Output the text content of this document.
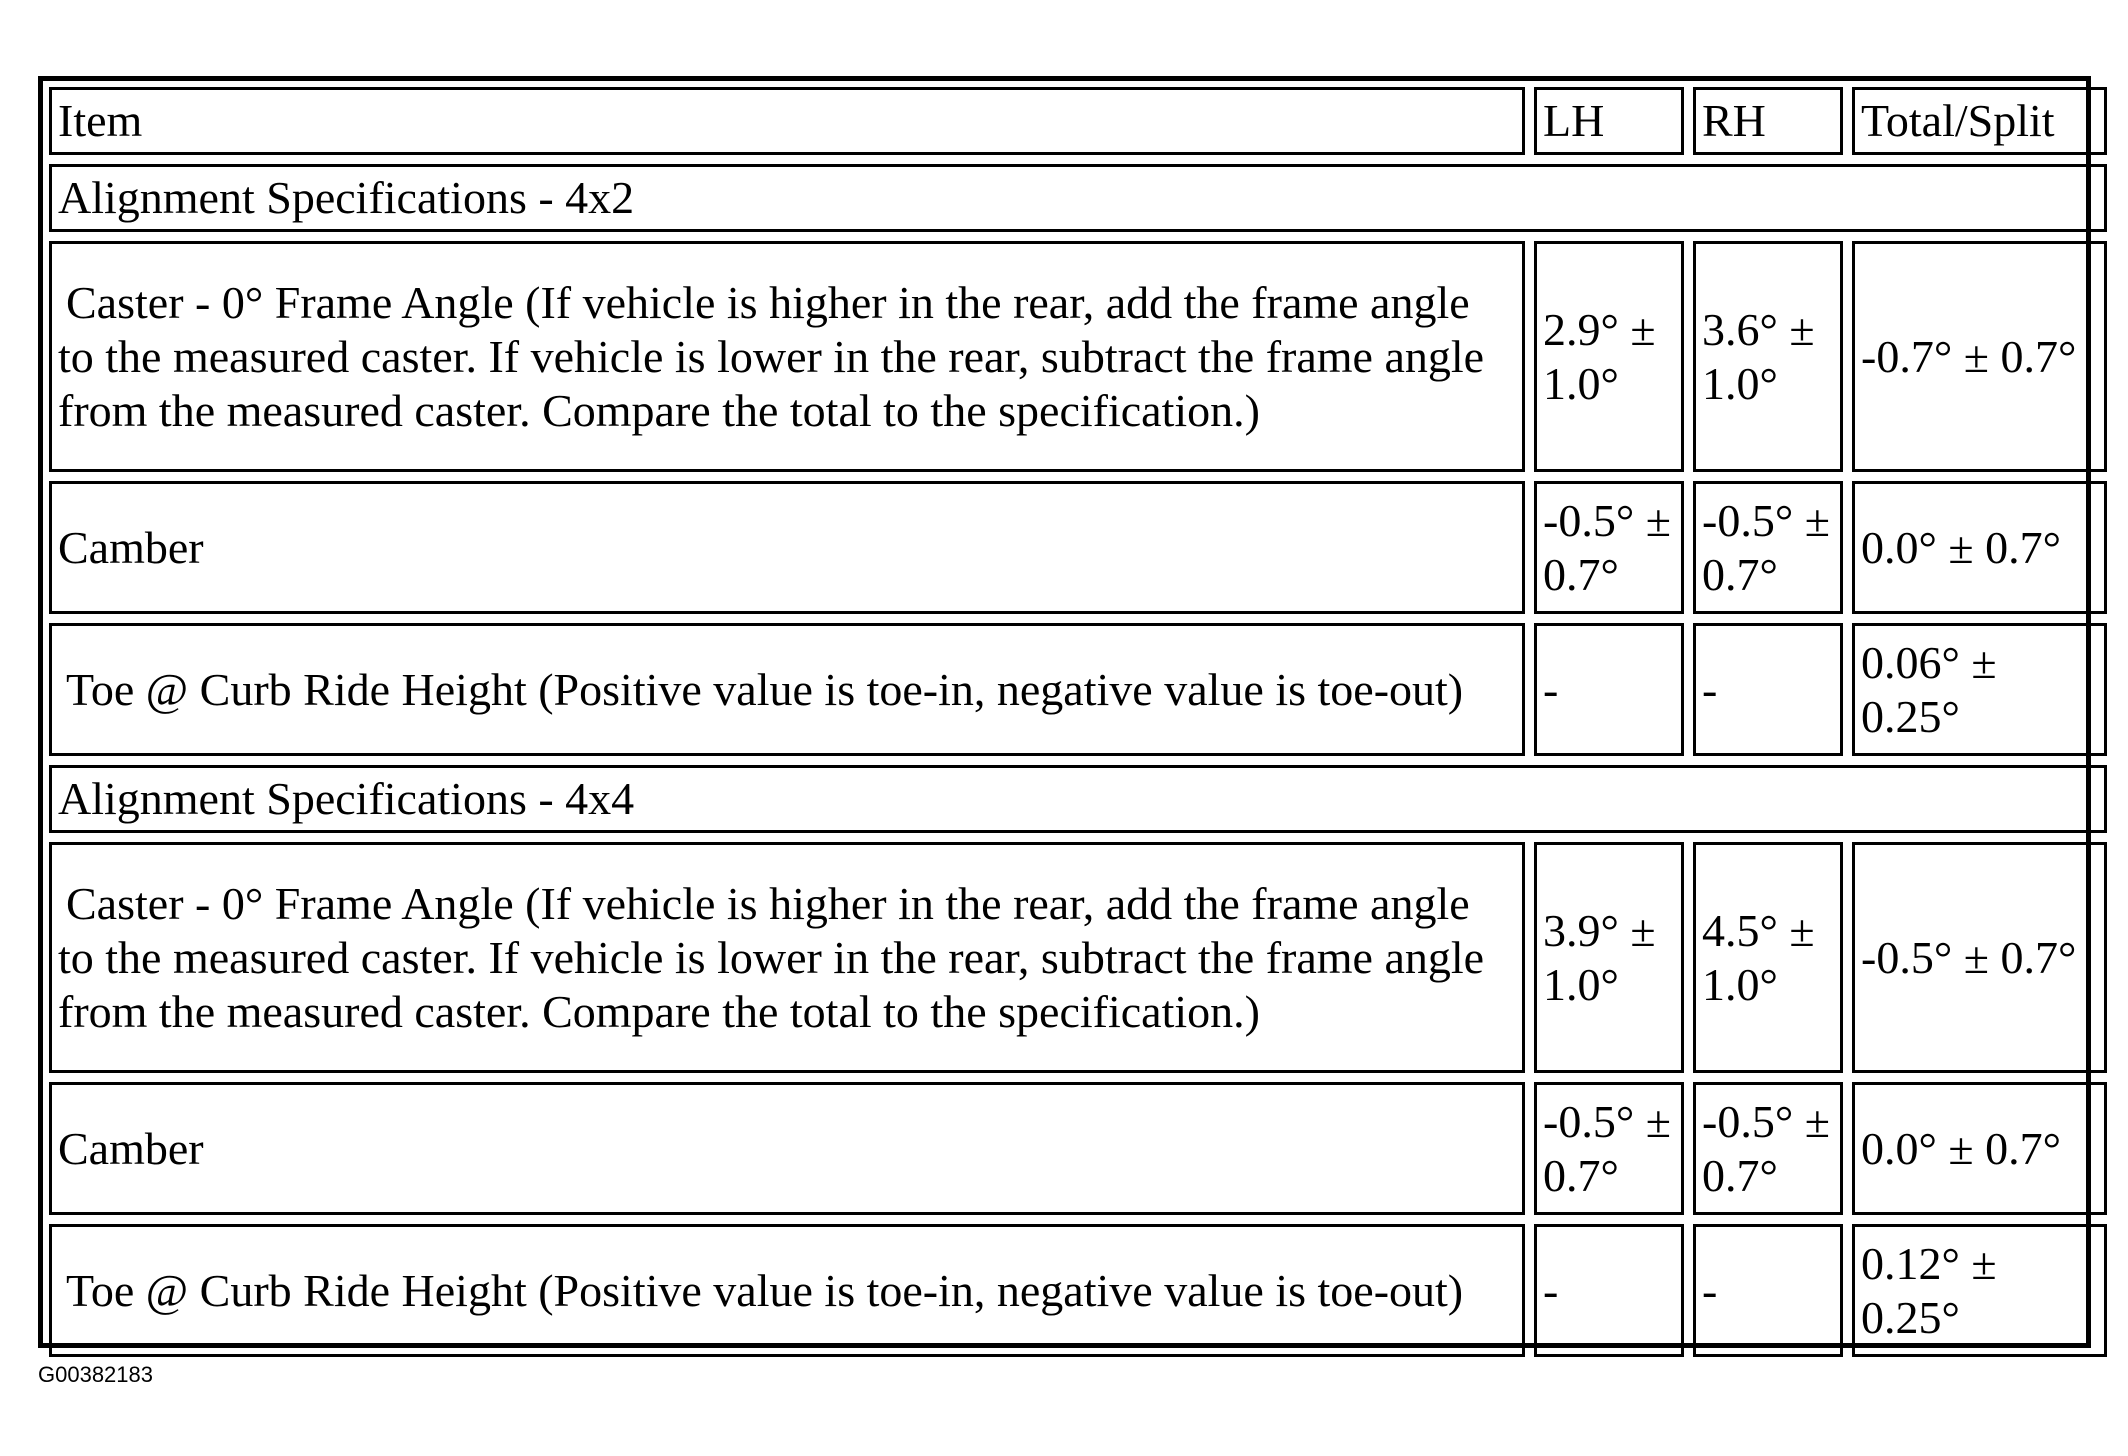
Item	LH	RH	Total/Split
Alignment Specifications - 4x2			
Caster - 0° Frame Angle (If vehicle is higher in the rear, add the frame angle to the measured caster. If vehicle is lower in the rear, subtract the frame angle from the measured caster. Compare the total to the specification.)	2.9° ± 1.0°	3.6° ± 1.0°	-0.7° ± 0.7°
Camber	-0.5° ± 0.7°	-0.5° ± 0.7°	0.0° ± 0.7°
Toe @ Curb Ride Height (Positive value is toe-in, negative value is toe-out)	-	-	0.06° ± 0.25°
Alignment Specifications - 4x4			
Caster - 0° Frame Angle (If vehicle is higher in the rear, add the frame angle to the measured caster. If vehicle is lower in the rear, subtract the frame angle from the measured caster. Compare the total to the specification.)	3.9° ± 1.0°	4.5° ± 1.0°	-0.5° ± 0.7°
Camber	-0.5° ± 0.7°	-0.5° ± 0.7°	0.0° ± 0.7°
Toe @ Curb Ride Height (Positive value is toe-in, negative value is toe-out)	-	-	0.12° ± 0.25°
G00382183
